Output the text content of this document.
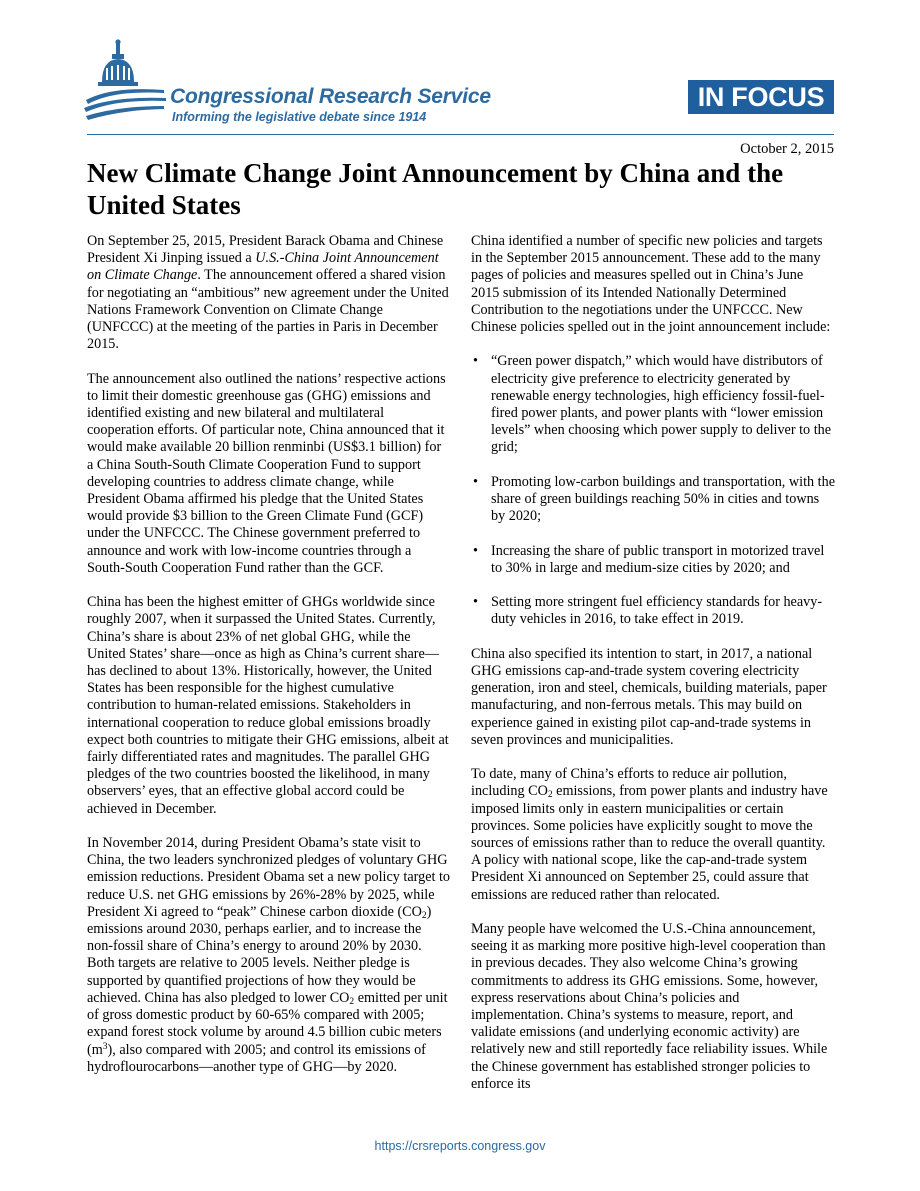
Congressional Research Service
Informing the legislative debate since 1914
IN FOCUS
October 2, 2015
New Climate Change Joint Announcement by China and the United States

On September 25, 2015, President Barack Obama and Chinese President Xi Jinping issued a U.S.-China Joint Announcement on Climate Change. The announcement offered a shared vision for negotiating an “ambitious” new agreement under the United Nations Framework Convention on Climate Change (UNFCCC) at the meeting of the parties in Paris in December 2015.

The announcement also outlined the nations’ respective actions to limit their domestic greenhouse gas (GHG) emissions and identified existing and new bilateral and multilateral cooperation efforts. Of particular note, China announced that it would make available 20 billion renminbi (US$3.1 billion) for a China South-South Climate Cooperation Fund to support developing countries to address climate change, while President Obama affirmed his pledge that the United States would provide $3 billion to the Green Climate Fund (GCF) under the UNFCCC. The Chinese government preferred to announce and work with low-income countries through a South-South Cooperation Fund rather than the GCF.

China has been the highest emitter of GHGs worldwide since roughly 2007, when it surpassed the United States. Currently, China’s share is about 23% of net global GHG, while the United States’ share—once as high as China’s current share—has declined to about 13%. Historically, however, the United States has been responsible for the highest cumulative contribution to human-related emissions. Stakeholders in international cooperation to reduce global emissions broadly expect both countries to mitigate their GHG emissions, albeit at fairly differentiated rates and magnitudes. The parallel GHG pledges of the two countries boosted the likelihood, in many observers’ eyes, that an effective global accord could be achieved in December.

In November 2014, during President Obama’s state visit to China, the two leaders synchronized pledges of voluntary GHG emission reductions. President Obama set a new policy target to reduce U.S. net GHG emissions by 26%-28% by 2025, while President Xi agreed to “peak” Chinese carbon dioxide $(CO_2)$ emissions around 2030, perhaps earlier, and to increase the non-fossil share of China’s energy to around 20% by 2030. Both targets are relative to 2005 levels. Neither pledge is supported by quantified projections of how they would be achieved. China has also pledged to lower $CO_2$ emitted per unit of gross domestic product by 60-65% compared with 2005; expand forest stock volume by around 4.5 billion cubic meters $(m^3)$, also compared with 2005; and control its emissions of hydroflourocarbons—another type of GHG—by 2020.

China identified a number of specific new policies and targets in the September 2015 announcement. These add to the many pages of policies and measures spelled out in China’s June 2015 submission of its Intended Nationally Determined Contribution to the negotiations under the UNFCCC. New Chinese policies spelled out in the joint announcement include:

• “Green power dispatch,” which would have distributors of electricity give preference to electricity generated by renewable energy technologies, high efficiency fossil-fuel-fired power plants, and power plants with “lower emission levels” when choosing which power supply to deliver to the grid;
• Promoting low-carbon buildings and transportation, with the share of green buildings reaching 50% in cities and towns by 2020;
• Increasing the share of public transport in motorized travel to 30% in large and medium-size cities by 2020; and
• Setting more stringent fuel efficiency standards for heavy-duty vehicles in 2016, to take effect in 2019.

China also specified its intention to start, in 2017, a national GHG emissions cap-and-trade system covering electricity generation, iron and steel, chemicals, building materials, paper manufacturing, and non-ferrous metals. This may build on experience gained in existing pilot cap-and-trade systems in seven provinces and municipalities.

To date, many of China’s efforts to reduce air pollution, including $CO_2$ emissions, from power plants and industry have imposed limits only in eastern municipalities or certain provinces. Some policies have explicitly sought to move the sources of emissions rather than to reduce the overall quantity. A policy with national scope, like the cap-and-trade system President Xi announced on September 25, could assure that emissions are reduced rather than relocated.

Many people have welcomed the U.S.-China announcement, seeing it as marking more positive high-level cooperation than in previous decades. They also welcome China’s growing commitments to address its GHG emissions. Some, however, express reservations about China’s policies and implementation. China’s systems to measure, report, and validate emissions (and underlying economic activity) are relatively new and still reportedly face reliability issues. While the Chinese government has established stronger policies to enforce its

https://crsreports.congress.gov
